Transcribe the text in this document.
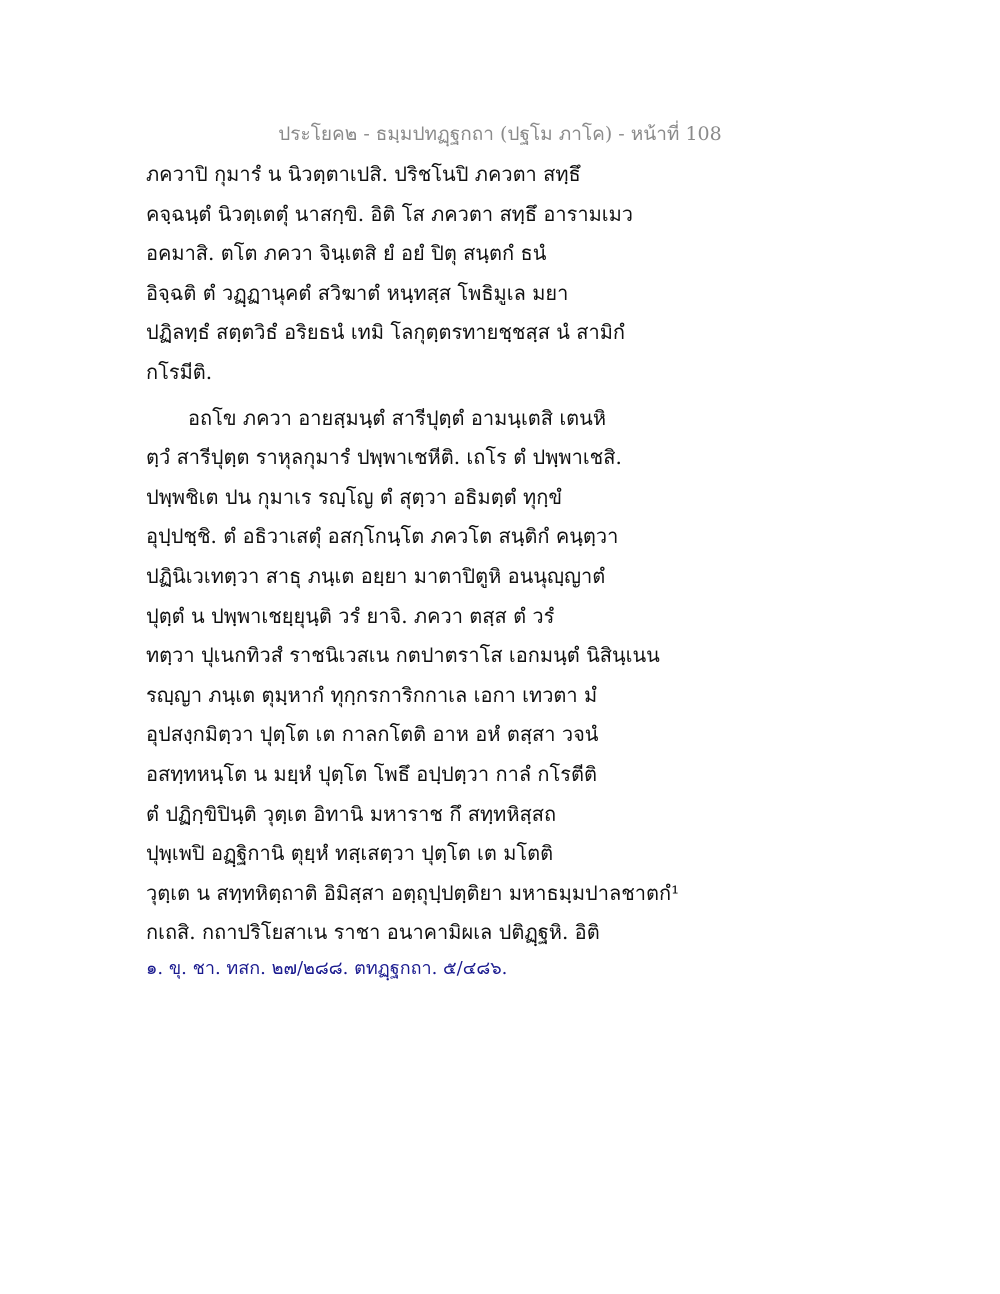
ประโยค๒ - ธมฺมปทฏฺฐกถา (ปฐโม ภาโค) - หน้าที่ 108
ภควาปิ กุมารํ น นิวตฺตาเปสิ. ปริชโนปิ ภควตา สทฺธึ
คจฺฉนฺตํ นิวตฺเตตุํ นาสกฺขิ. อิติ โส ภควตา สทฺธึ อารามเมว
อคมาสิ. ตโต ภควา จินฺเตสิ ยํ อยํ ปิตุ สนฺตกํ ธนํ
อิจฺฉติ ตํ วฏฺฏานุคตํ สวิฆาตํ หนฺทสฺส โพธิมูเล มยา
ปฏิลทฺธํ สตฺตวิธํ อริยธนํ เทมิ โลกุตฺตรทายชฺชสฺส นํ สามิกํ
กโรมีติ.
อถโข ภควา อายสฺมนฺตํ สารีปุตฺตํ อามนฺเตสิ เตนหิ
ตฺวํ สารีปุตฺต ราหุลกุมารํ ปพฺพาเชหีติ. เถโร ตํ ปพฺพาเชสิ.
ปพฺพชิเต ปน กุมาเร รญฺโญ ตํ สุตฺวา อธิมตฺตํ ทุกฺขํ
อุปฺปชฺชิ. ตํ อธิวาเสตุํ อสกฺโกนฺโต ภควโต สนฺติกํ คนฺตฺวา
ปฏินิเวเทตฺวา สาธุ ภนฺเต อยฺยา มาตาปิตูหิ อนนุญฺญาตํ
ปุตฺตํ น ปพฺพาเชยฺยุนฺติ วรํ ยาจิ. ภควา ตสฺส ตํ วรํ
ทตฺวา ปุเนกทิวสํ ราชนิเวสเน กตปาตราโส เอกมนฺตํ นิสินฺเนน
รญฺญา ภนฺเต ตุมฺหากํ ทุกฺกรการิกกาเล เอกา เทวตา มํ
อุปสงฺกมิตฺวา ปุตฺโต เต กาลกโตติ อาห อหํ ตสฺสา วจนํ
อสทฺทหนฺโต น มยฺหํ ปุตฺโต โพธึ อปฺปตฺวา กาลํ กโรตีติ
ตํ ปฏิกฺขิปินฺติ วุตฺเต อิทานิ มหาราช กึ สทฺทหิสฺสถ
ปุพฺเพปิ อฏฺฐิกานิ ตุยฺหํ ทสฺเสตฺวา ปุตฺโต เต มโตติ
วุตฺเต น สทฺทหิตฺถาติ อิมิสฺสา อตฺถุปฺปตฺติยา มหาธมฺมปาลชาตกํ¹
กเถสิ. กถาปริโยสาเน ราชา อนาคามิผเล ปติฏฺฐหิ. อิติ
๑. ขุ. ชา. ทสก. ๒๗/๒๘๘. ตทฏฺฐกถา. ๕/๔๘๖.
